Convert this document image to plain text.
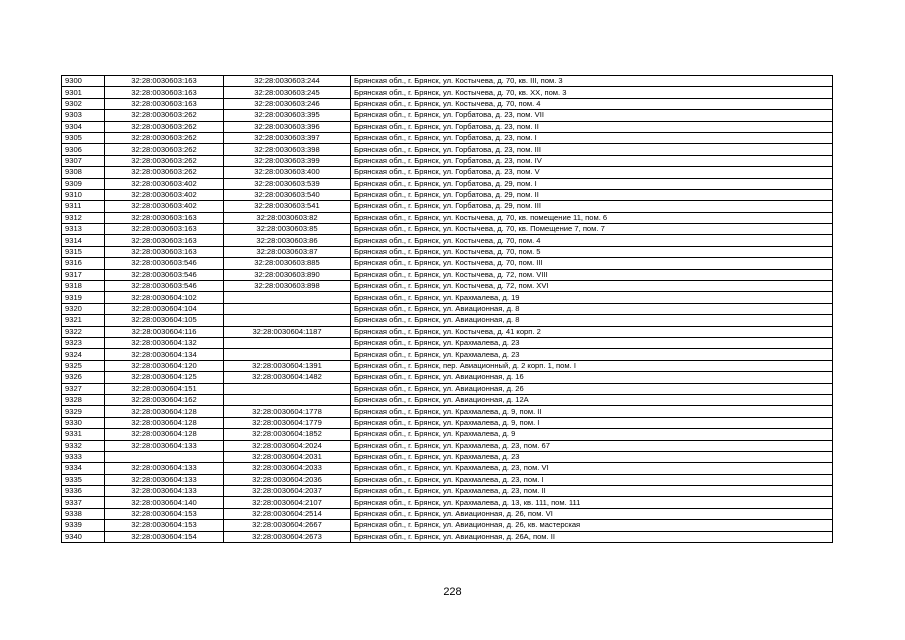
9300	32:28:0030603:163	32:28:0030603:244	Брянская обл., г. Брянск, ул. Костычева, д. 70, кв. III, пом. 3
9301	32:28:0030603:163	32:28:0030603:245	Брянская обл., г. Брянск, ул. Костычева, д. 70, кв. XX, пом. 3
9302	32:28:0030603:163	32:28:0030603:246	Брянская обл., г. Брянск, ул. Костычева, д. 70, пом. 4
9303	32:28:0030603:262	32:28:0030603:395	Брянская обл., г. Брянск, ул. Горбатова, д. 23, пом. VII
9304	32:28:0030603:262	32:28:0030603:396	Брянская обл., г. Брянск, ул. Горбатова, д. 23, пом. II
9305	32:28:0030603:262	32:28:0030603:397	Брянская обл., г. Брянск, ул. Горбатова, д. 23, пом. I
9306	32:28:0030603:262	32:28:0030603:398	Брянская обл., г. Брянск, ул. Горбатова, д. 23, пом. III
9307	32:28:0030603:262	32:28:0030603:399	Брянская обл., г. Брянск, ул. Горбатова, д. 23, пом. IV
9308	32:28:0030603:262	32:28:0030603:400	Брянская обл., г. Брянск, ул. Горбатова, д. 23, пом. V
9309	32:28:0030603:402	32:28:0030603:539	Брянская обл., г. Брянск, ул. Горбатова, д. 29, пом. I
9310	32:28:0030603:402	32:28:0030603:540	Брянская обл., г. Брянск, ул. Горбатова, д. 29, пом. II
9311	32:28:0030603:402	32:28:0030603:541	Брянская обл., г. Брянск, ул. Горбатова, д. 29, пом. III
9312	32:28:0030603:163	32:28:0030603:82	Брянская обл., г. Брянск, ул. Костычева, д. 70, кв. помещение 11, пом. 6
9313	32:28:0030603:163	32:28:0030603:85	Брянская обл., г. Брянск, ул. Костычева, д. 70, кв. Помещение 7, пом. 7
9314	32:28:0030603:163	32:28:0030603:86	Брянская обл., г. Брянск, ул. Костычева, д. 70, пом. 4
9315	32:28:0030603:163	32:28:0030603:87	Брянская обл., г. Брянск, ул. Костычева, д. 70, пом. 5
9316	32:28:0030603:546	32:28:0030603:885	Брянская обл., г. Брянск, ул. Костычева, д. 70, пом. III
9317	32:28:0030603:546	32:28:0030603:890	Брянская обл., г. Брянск, ул. Костычева, д. 72, пом. VIII
9318	32:28:0030603:546	32:28:0030603:898	Брянская обл., г. Брянск, ул. Костычева, д. 72, пом. XVI
9319	32:28:0030604:102		Брянская обл., г. Брянск, ул. Крахмалева, д. 19
9320	32:28:0030604:104		Брянская обл., г. Брянск, ул. Авиационная, д. 8
9321	32:28:0030604:105		Брянская обл., г. Брянск, ул. Авиационная, д. 8
9322	32:28:0030604:116	32:28:0030604:1187	Брянская обл., г. Брянск, ул. Костычева, д. 41 корп. 2
9323	32:28:0030604:132		Брянская обл., г. Брянск, ул. Крахмалева, д. 23
9324	32:28:0030604:134		Брянская обл., г. Брянск, ул. Крахмалева, д. 23
9325	32:28:0030604:120	32:28:0030604:1391	Брянская обл., г. Брянск, пер. Авиационный, д. 2 корп. 1, пом. I
9326	32:28:0030604:125	32:28:0030604:1482	Брянская обл., г. Брянск, ул. Авиационная, д. 16
9327	32:28:0030604:151		Брянская обл., г. Брянск, ул. Авиационная, д. 26
9328	32:28:0030604:162		Брянская обл., г. Брянск, ул. Авиационная, д. 12А
9329	32:28:0030604:128	32:28:0030604:1778	Брянская обл., г. Брянск, ул. Крахмалева, д. 9, пом. II
9330	32:28:0030604:128	32:28:0030604:1779	Брянская обл., г. Брянск, ул. Крахмалева, д. 9, пом. I
9331	32:28:0030604:128	32:28:0030604:1852	Брянская обл., г. Брянск, ул. Крахмалева, д. 9
9332	32:28:0030604:133	32:28:0030604:2024	Брянская обл., г. Брянск, ул. Крахмалева, д. 23, пом. 67
9333		32:28:0030604:2031	Брянская обл., г. Брянск, ул. Крахмалева, д. 23
9334	32:28:0030604:133	32:28:0030604:2033	Брянская обл., г. Брянск, ул. Крахмалева, д. 23, пом. VI
9335	32:28:0030604:133	32:28:0030604:2036	Брянская обл., г. Брянск, ул. Крахмалева, д. 23, пом. I
9336	32:28:0030604:133	32:28:0030604:2037	Брянская обл., г. Брянск, ул. Крахмалева, д. 23, пом. II
9337	32:28:0030604:140	32:28:0030604:2107	Брянская обл., г. Брянск, ул. Крахмалева, д. 13, кв. 111, пом. 111
9338	32:28:0030604:153	32:28:0030604:2514	Брянская обл., г. Брянск, ул. Авиационная, д. 26, пом. VI
9339	32:28:0030604:153	32:28:0030604:2667	Брянская обл., г. Брянск, ул. Авиационная, д. 26, кв. мастерская
9340	32:28:0030604:154	32:28:0030604:2673	Брянская обл., г. Брянск, ул. Авиационная, д. 26А, пом. II
228
